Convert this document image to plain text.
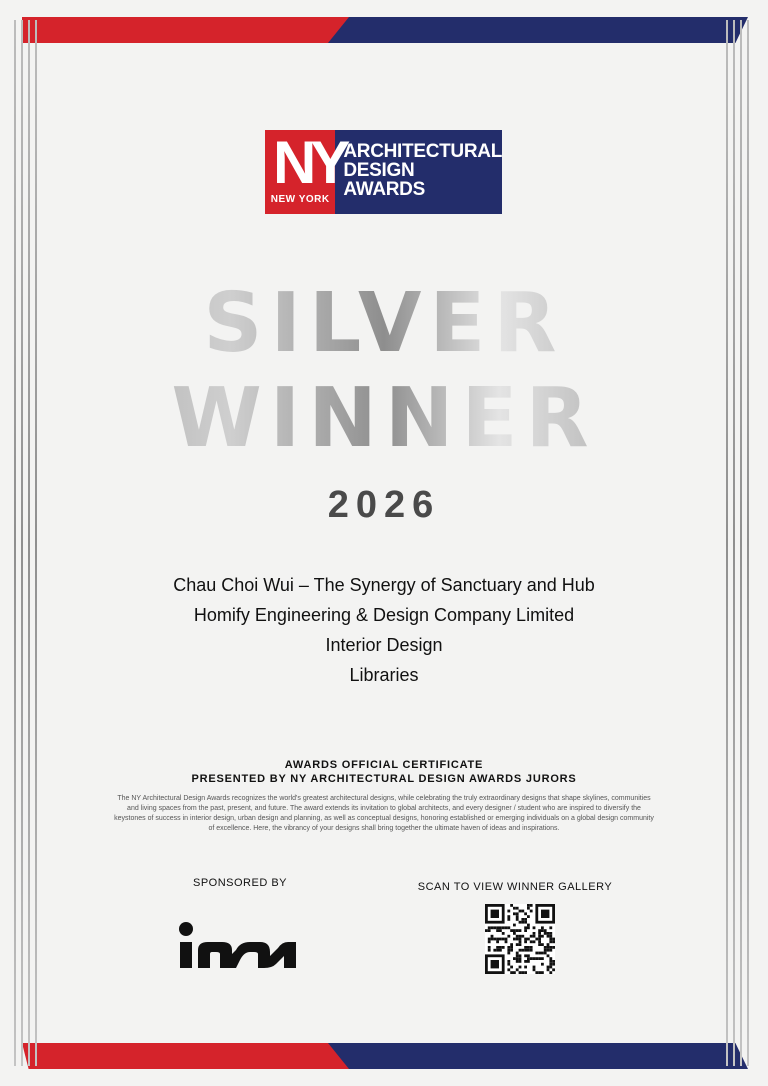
NY
NEW YORK
ARCHITECTURAL
DESIGN
AWARDS
SILVER
WINNER
2026
Chau Choi Wui – The Synergy of Sanctuary and Hub
Homify Engineering & Design Company Limited
Interior Design
Libraries
AWARDS OFFICIAL CERTIFICATE
PRESENTED BY NY ARCHITECTURAL DESIGN AWARDS JURORS
The NY Architectural Design Awards recognizes the world's greatest architectural designs, while celebrating the truly extraordinary designs that shape skylines, communities and living spaces from the past, present, and future. The award extends its invitation to global architects, and every designer / student who are inspired to diversify the keystones of success in interior design, urban design and planning, as well as conceptual designs, honoring established or emerging individuals on a global design community of excellence. Here, the vibrancy of your designs shall bring together the ultimate haven of ideas and inspirations.
SPONSORED BY	SCAN TO VIEW WINNER GALLERY
